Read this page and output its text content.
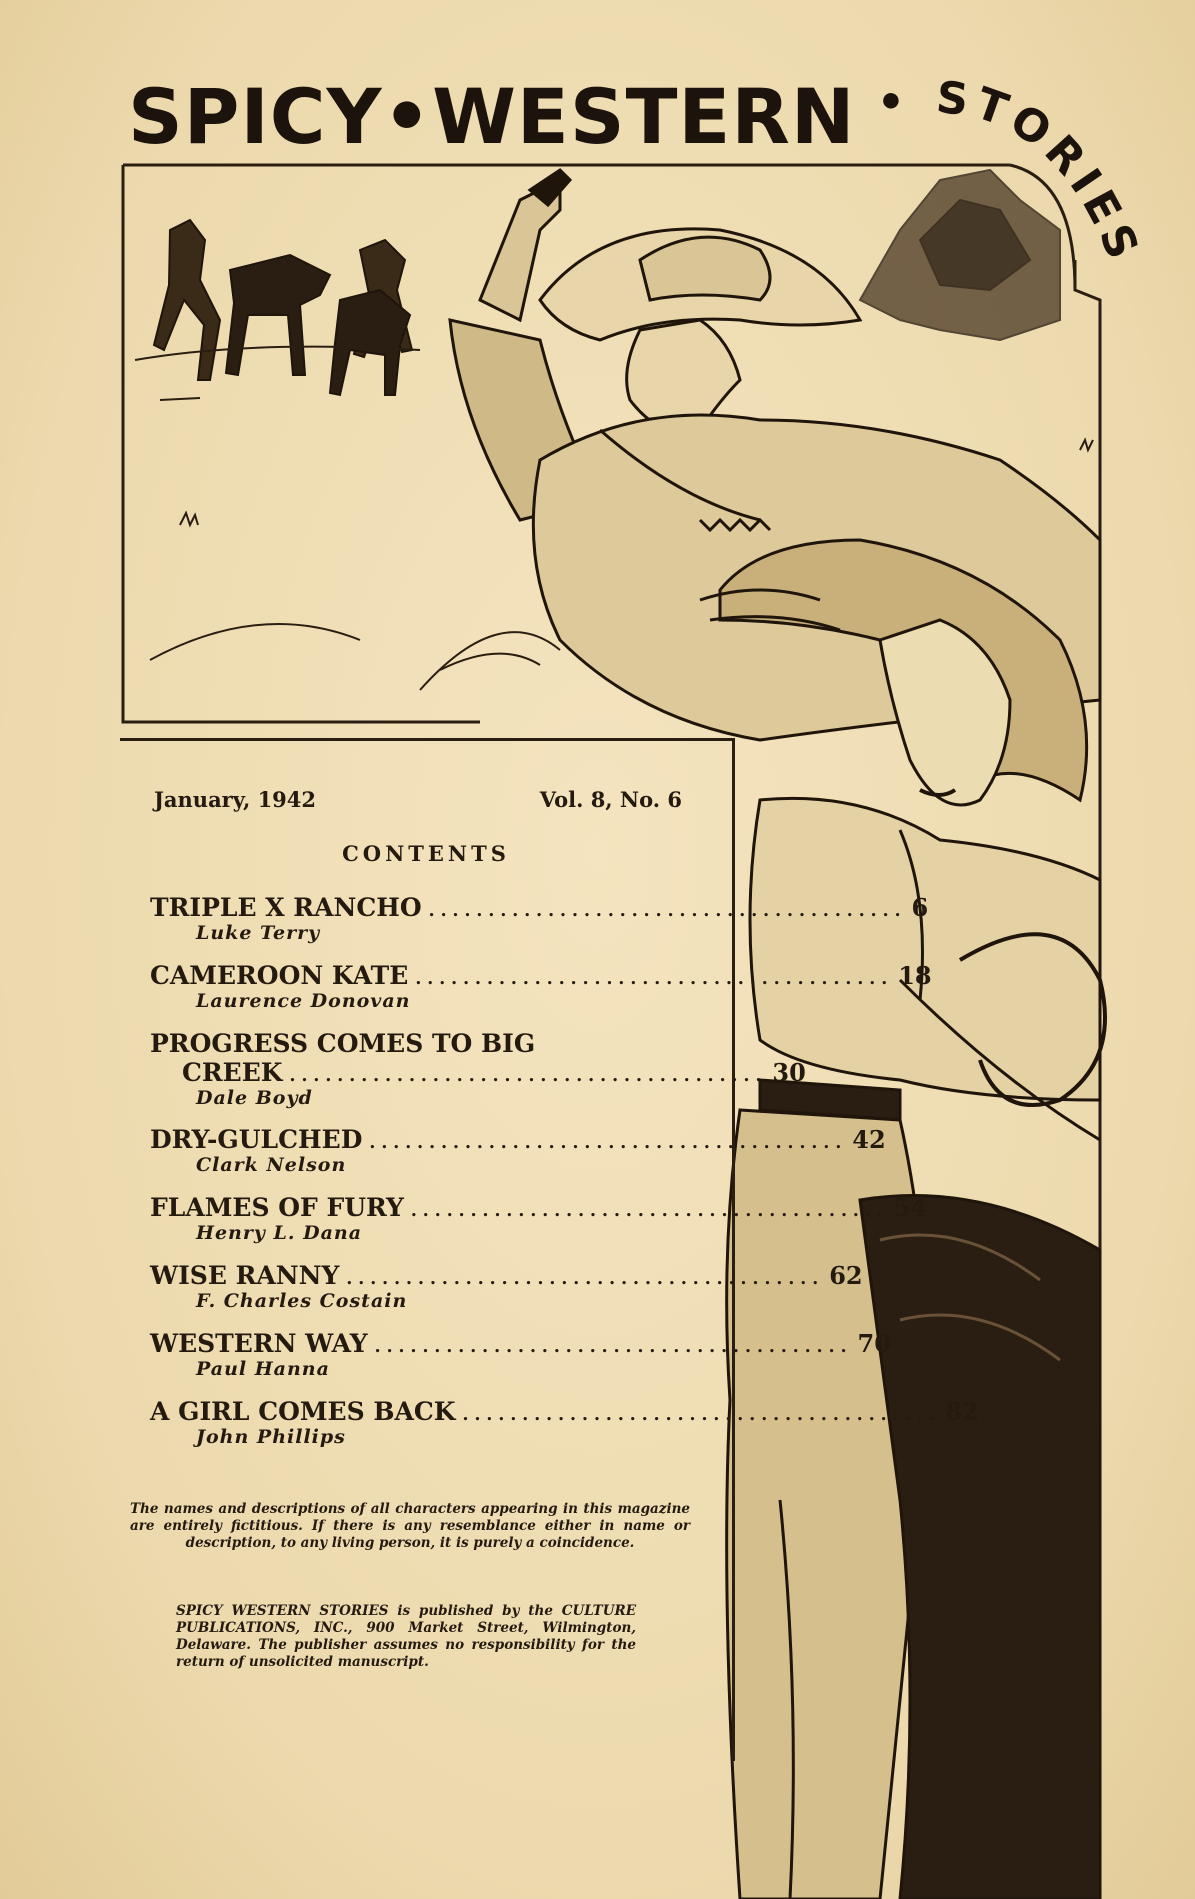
SPICY•WESTERN • STORIES
January, 1942	Vol. 8, No. 6
CONTENTS
TRIPLE X RANCHO ........................................ 6
Luke Terry
CAMEROON KATE ........................................ 18
Laurence Donovan
PROGRESS COMES TO BIG
CREEK ........................................ 30
Dale Boyd
DRY-GULCHED ........................................ 42
Clark Nelson
FLAMES OF FURY ........................................ 54
Henry L. Dana
WISE RANNY ........................................ 62
F. Charles Costain
WESTERN WAY ........................................ 70
Paul Hanna
A GIRL COMES BACK ........................................ 82
John Phillips
The names and descriptions of all characters appearing in this magazine are entirely fictitious. If there is any resemblance either in name or description, to any living person, it is purely a coincidence.
SPICY WESTERN STORIES is published by the CULTURE PUBLICATIONS, INC., 900 Market Street, Wilmington, Delaware. The publisher assumes no responsibility for the return of unsolicited manuscript.
